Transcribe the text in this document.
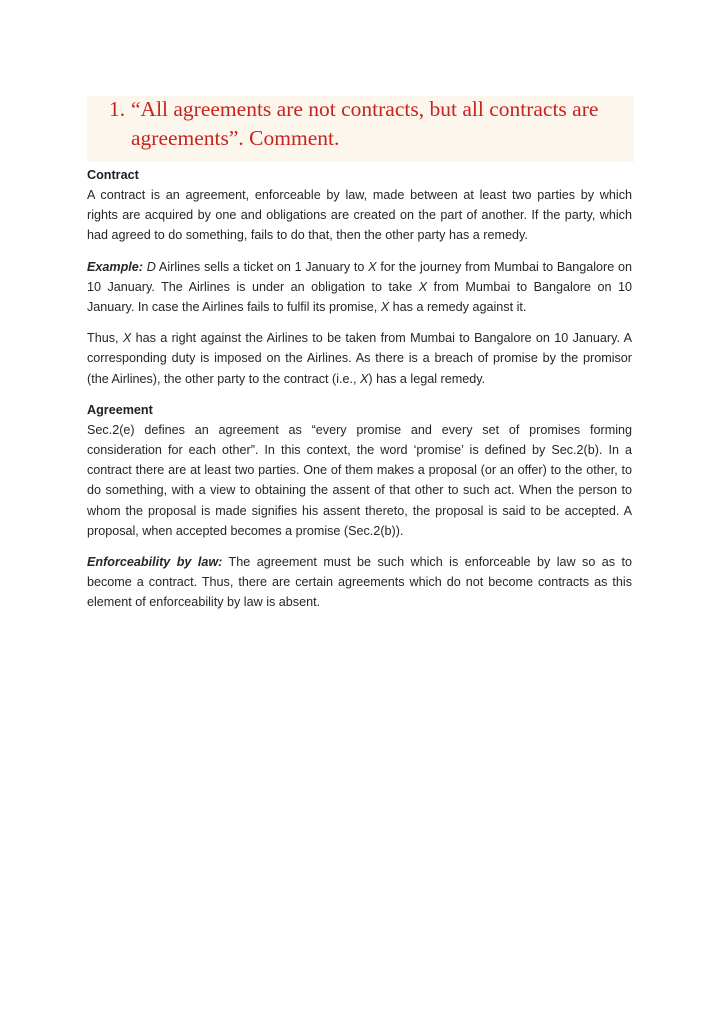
1. “All agreements are not contracts, but all contracts are agreements”. Comment.
Contract

A contract is an agreement, enforceable by law, made between at least two parties by which rights are acquired by one and obligations are created on the part of another. If the party, which had agreed to do something, fails to do that, then the other party has a remedy.

Example: D Airlines sells a ticket on 1 January to X for the journey from Mumbai to Bangalore on 10 January. The Airlines is under an obligation to take X from Mumbai to Bangalore on 10 January. In case the Airlines fails to fulfil its promise, X has a remedy against it.

Thus, X has a right against the Airlines to be taken from Mumbai to Bangalore on 10 January. A corresponding duty is imposed on the Airlines. As there is a breach of promise by the promisor (the Airlines), the other party to the contract (i.e., X) has a legal remedy.

Agreement

Sec.2(e) defines an agreement as “every promise and every set of promises forming consideration for each other”. In this context, the word ‘promise’ is defined by Sec.2(b). In a contract there are at least two parties. One of them makes a proposal (or an offer) to the other, to do something, with a view to obtaining the assent of that other to such act. When the person to whom the proposal is made signifies his assent thereto, the proposal is said to be accepted. A proposal, when accepted becomes a promise (Sec.2(b)).

Enforceability by law: The agreement must be such which is enforceable by law so as to become a contract. Thus, there are certain agreements which do not become contracts as this element of enforceability by law is absent.
